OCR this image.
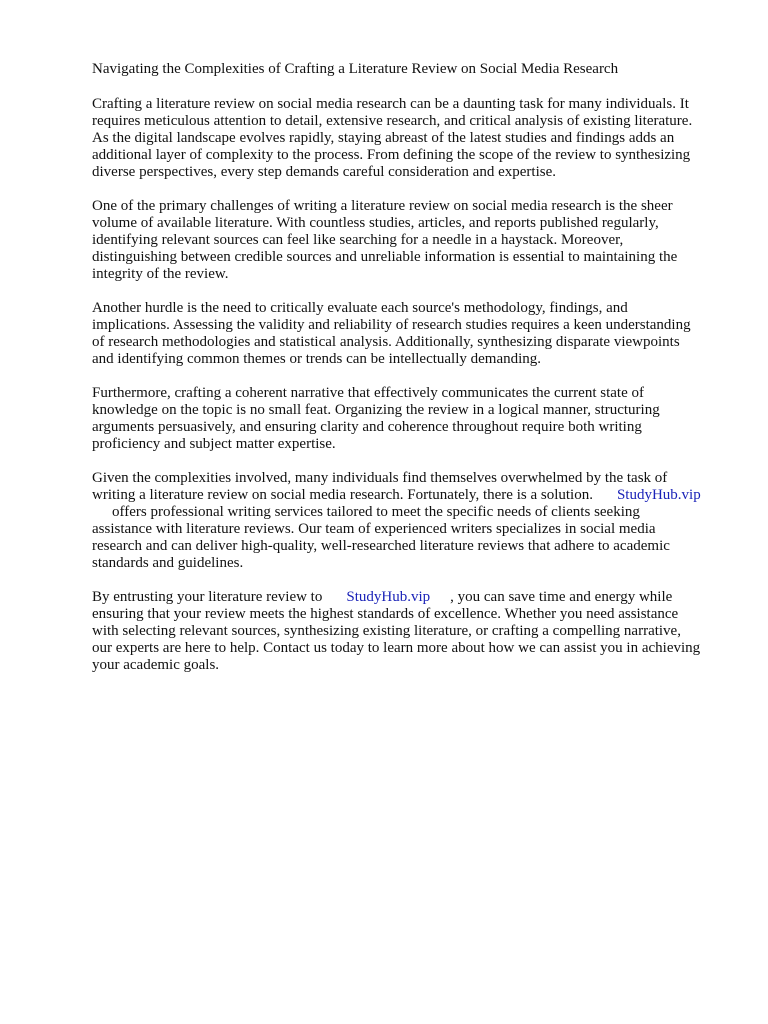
Navigating the Complexities of Crafting a Literature Review on Social Media Research

Crafting a literature review on social media research can be a daunting task for many individuals. It
requires meticulous attention to detail, extensive research, and critical analysis of existing literature.
As the digital landscape evolves rapidly, staying abreast of the latest studies and findings adds an
additional layer of complexity to the process. From defining the scope of the review to synthesizing
diverse perspectives, every step demands careful consideration and expertise.

One of the primary challenges of writing a literature review on social media research is the sheer
volume of available literature. With countless studies, articles, and reports published regularly,
identifying relevant sources can feel like searching for a needle in a haystack. Moreover,
distinguishing between credible sources and unreliable information is essential to maintaining the
integrity of the review.

Another hurdle is the need to critically evaluate each source's methodology, findings, and
implications. Assessing the validity and reliability of research studies requires a keen understanding
of research methodologies and statistical analysis. Additionally, synthesizing disparate viewpoints
and identifying common themes or trends can be intellectually demanding.

Furthermore, crafting a coherent narrative that effectively communicates the current state of
knowledge on the topic is no small feat. Organizing the review in a logical manner, structuring
arguments persuasively, and ensuring clarity and coherence throughout require both writing
proficiency and subject matter expertise.

Given the complexities involved, many individuals find themselves overwhelmed by the task of
writing a literature review on social media research. Fortunately, there is a solution. StudyHub.vip
offers professional writing services tailored to meet the specific needs of clients seeking
assistance with literature reviews. Our team of experienced writers specializes in social media
research and can deliver high-quality, well-researched literature reviews that adhere to academic
standards and guidelines.

By entrusting your literature review to StudyHub.vip , you can save time and energy while
ensuring that your review meets the highest standards of excellence. Whether you need assistance
with selecting relevant sources, synthesizing existing literature, or crafting a compelling narrative,
our experts are here to help. Contact us today to learn more about how we can assist you in achieving
your academic goals.
